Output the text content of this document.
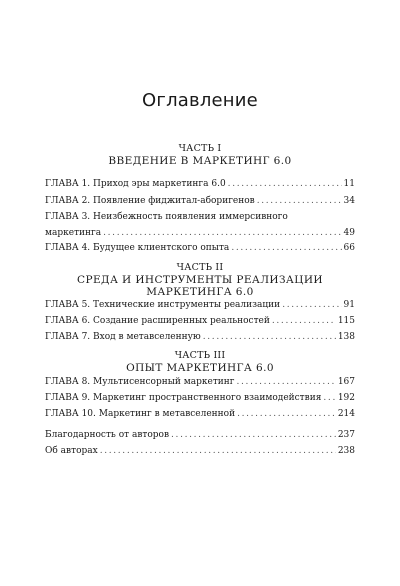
Оглавление
ЧАСТЬ I
ВВЕДЕНИЕ В МАРКЕТИНГ 6.0
ГЛАВА 1. Приход эры маркетинга 6.0 . . .	11
ГЛАВА 2. Появление фиджитал-аборигенов . . .	34
ГЛАВА 3. Неизбежность появления иммерсивного
маркетинга . . .	49
ГЛАВА 4. Будущее клиентского опыта . . .	66
ЧАСТЬ II
СРЕДА И ИНСТРУМЕНТЫ РЕАЛИЗАЦИИ
МАРКЕТИНГА 6.0
ГЛАВА 5. Технические инструменты реализации . . .	91
ГЛАВА 6. Создание расширенных реальностей . . .	115
ГЛАВА 7. Вход в метавселенную . . .	138
ЧАСТЬ III
ОПЫТ МАРКЕТИНГА 6.0
ГЛАВА 8. Мультисенсорный маркетинг . . .	167
ГЛАВА 9. Маркетинг пространственного взаимодействия . . . 192
ГЛАВА 10. Маркетинг в метавселенной . . .	214
Благодарность от авторов . . .	237
Об авторах . . .	238
